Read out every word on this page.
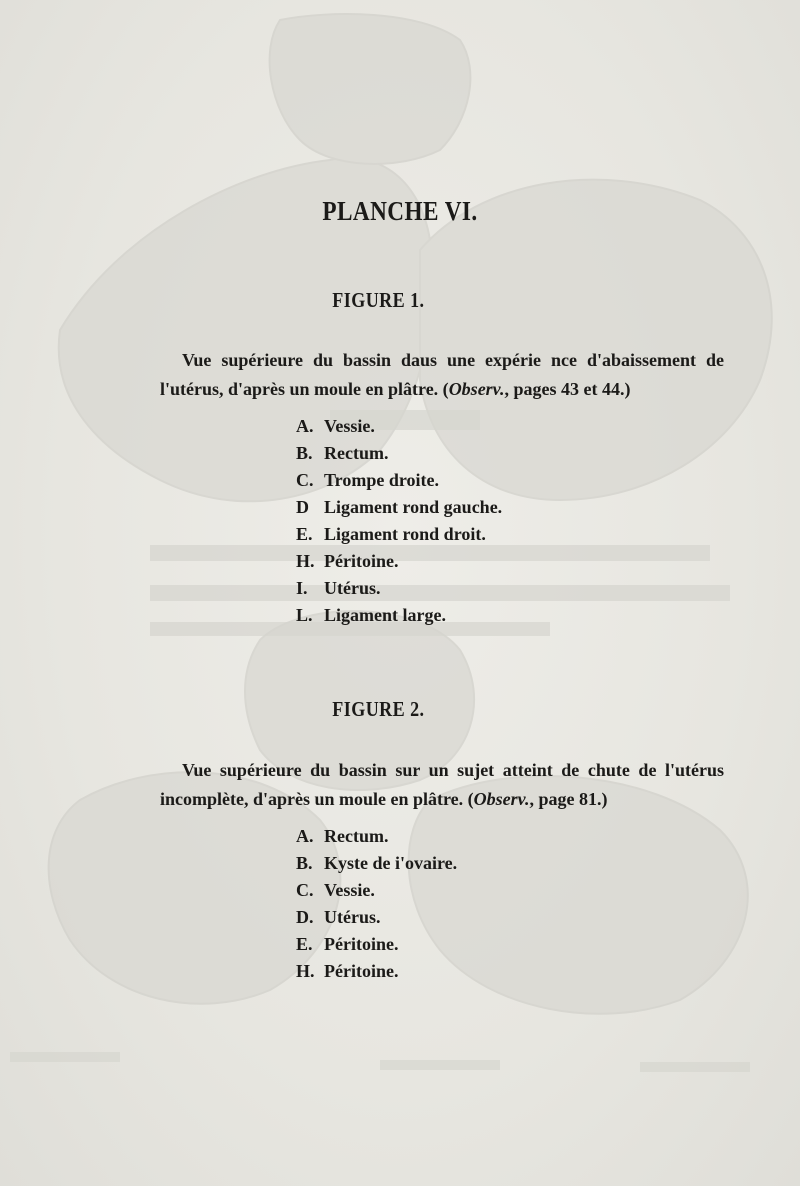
PLANCHE VI.
FIGURE 1.
Vue supérieure du bassin daus une expérie nce d'abaissement de l'utérus, d'après un moule en plâtre. (Observ., pages 43 et 44.)
A. Vessie.
B. Rectum.
C. Trompe droite.
D Ligament rond gauche.
E. Ligament rond droit.
H. Péritoine.
I. Utérus.
L. Ligament large.
FIGURE 2.
Vue supérieure du bassin sur un sujet atteint de chute de l'utérus incomplète, d'après un moule en plâtre. (Observ., page 81.)
A. Rectum.
B. Kyste de i'ovaire.
C. Vessie.
D. Utérus.
E. Péritoine.
H. Péritoine.
